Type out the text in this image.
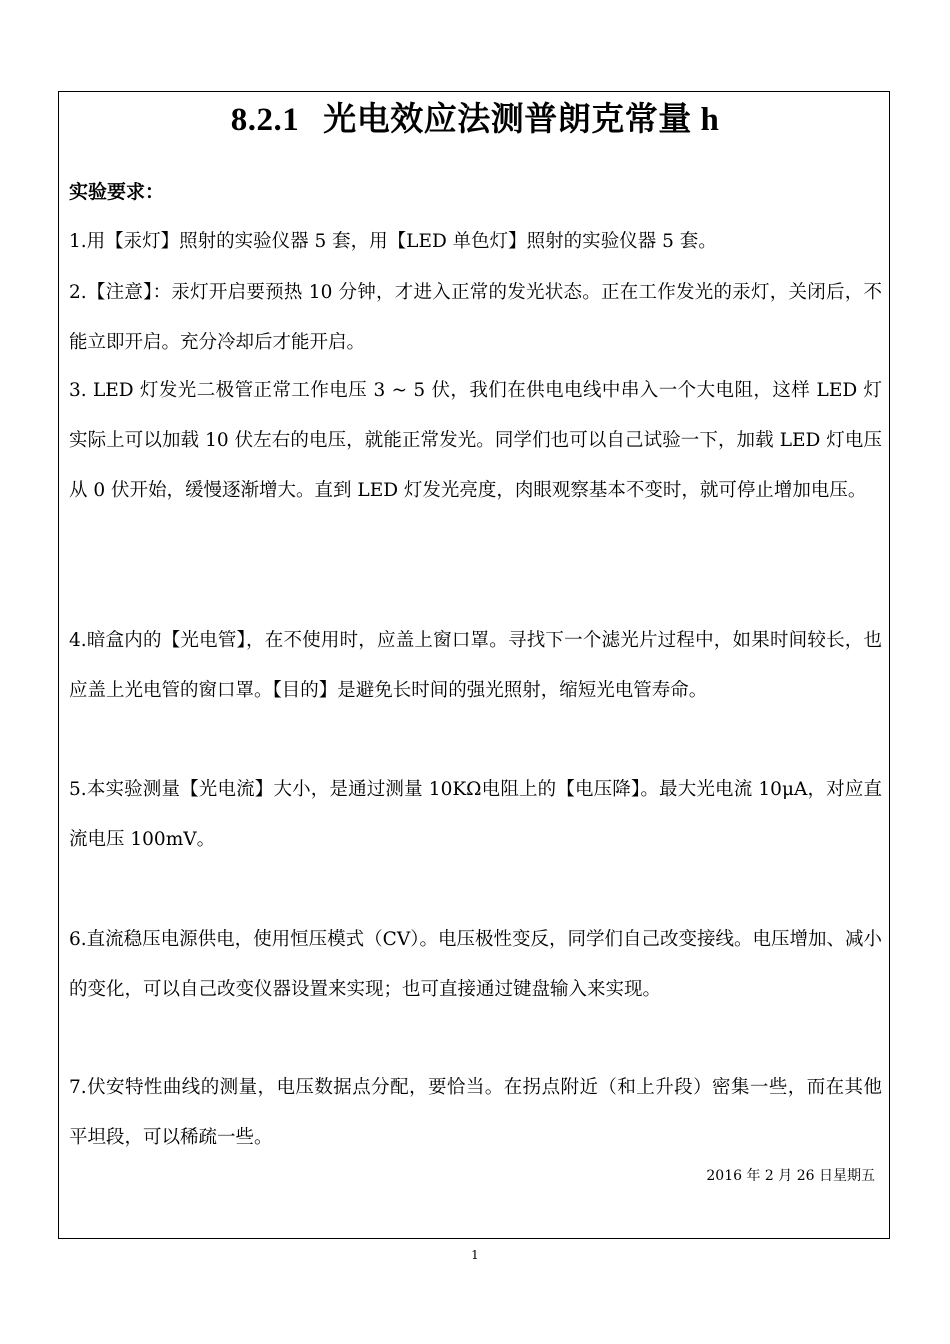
8.2.1 光电效应法测普朗克常量 h
实验要求：
1.用【汞灯】照射的实验仪器 5 套，用【LED 单色灯】照射的实验仪器 5 套。
2.【注意】：汞灯开启要预热 10 分钟，才进入正常的发光状态。正在工作发光的汞灯，关闭后，不能立即开启。充分冷却后才能开启。
3. LED 灯发光二极管正常工作电压 3 ~ 5 伏，我们在供电电线中串入一个大电阻，这样 LED 灯实际上可以加载 10 伏左右的电压，就能正常发光。同学们也可以自己试验一下，加载 LED 灯电压从 0 伏开始，缓慢逐渐增大。直到 LED 灯发光亮度，肉眼观察基本不变时，就可停止增加电压。
4.暗盒内的【光电管】，在不使用时，应盖上窗口罩。寻找下一个滤光片过程中，如果时间较长，也应盖上光电管的窗口罩。【目的】是避免长时间的强光照射，缩短光电管寿命。
5.本实验测量【光电流】大小，是通过测量 10KΩ电阻上的【电压降】。最大光电流 10μA，对应直流电压 100mV。
6.直流稳压电源供电，使用恒压模式（CV）。电压极性变反，同学们自己改变接线。电压增加、减小的变化，可以自己改变仪器设置来实现；也可直接通过键盘输入来实现。
7.伏安特性曲线的测量，电压数据点分配，要恰当。在拐点附近（和上升段）密集一些，而在其他平坦段，可以稀疏一些。
2016 年 2 月 26 日星期五
1
